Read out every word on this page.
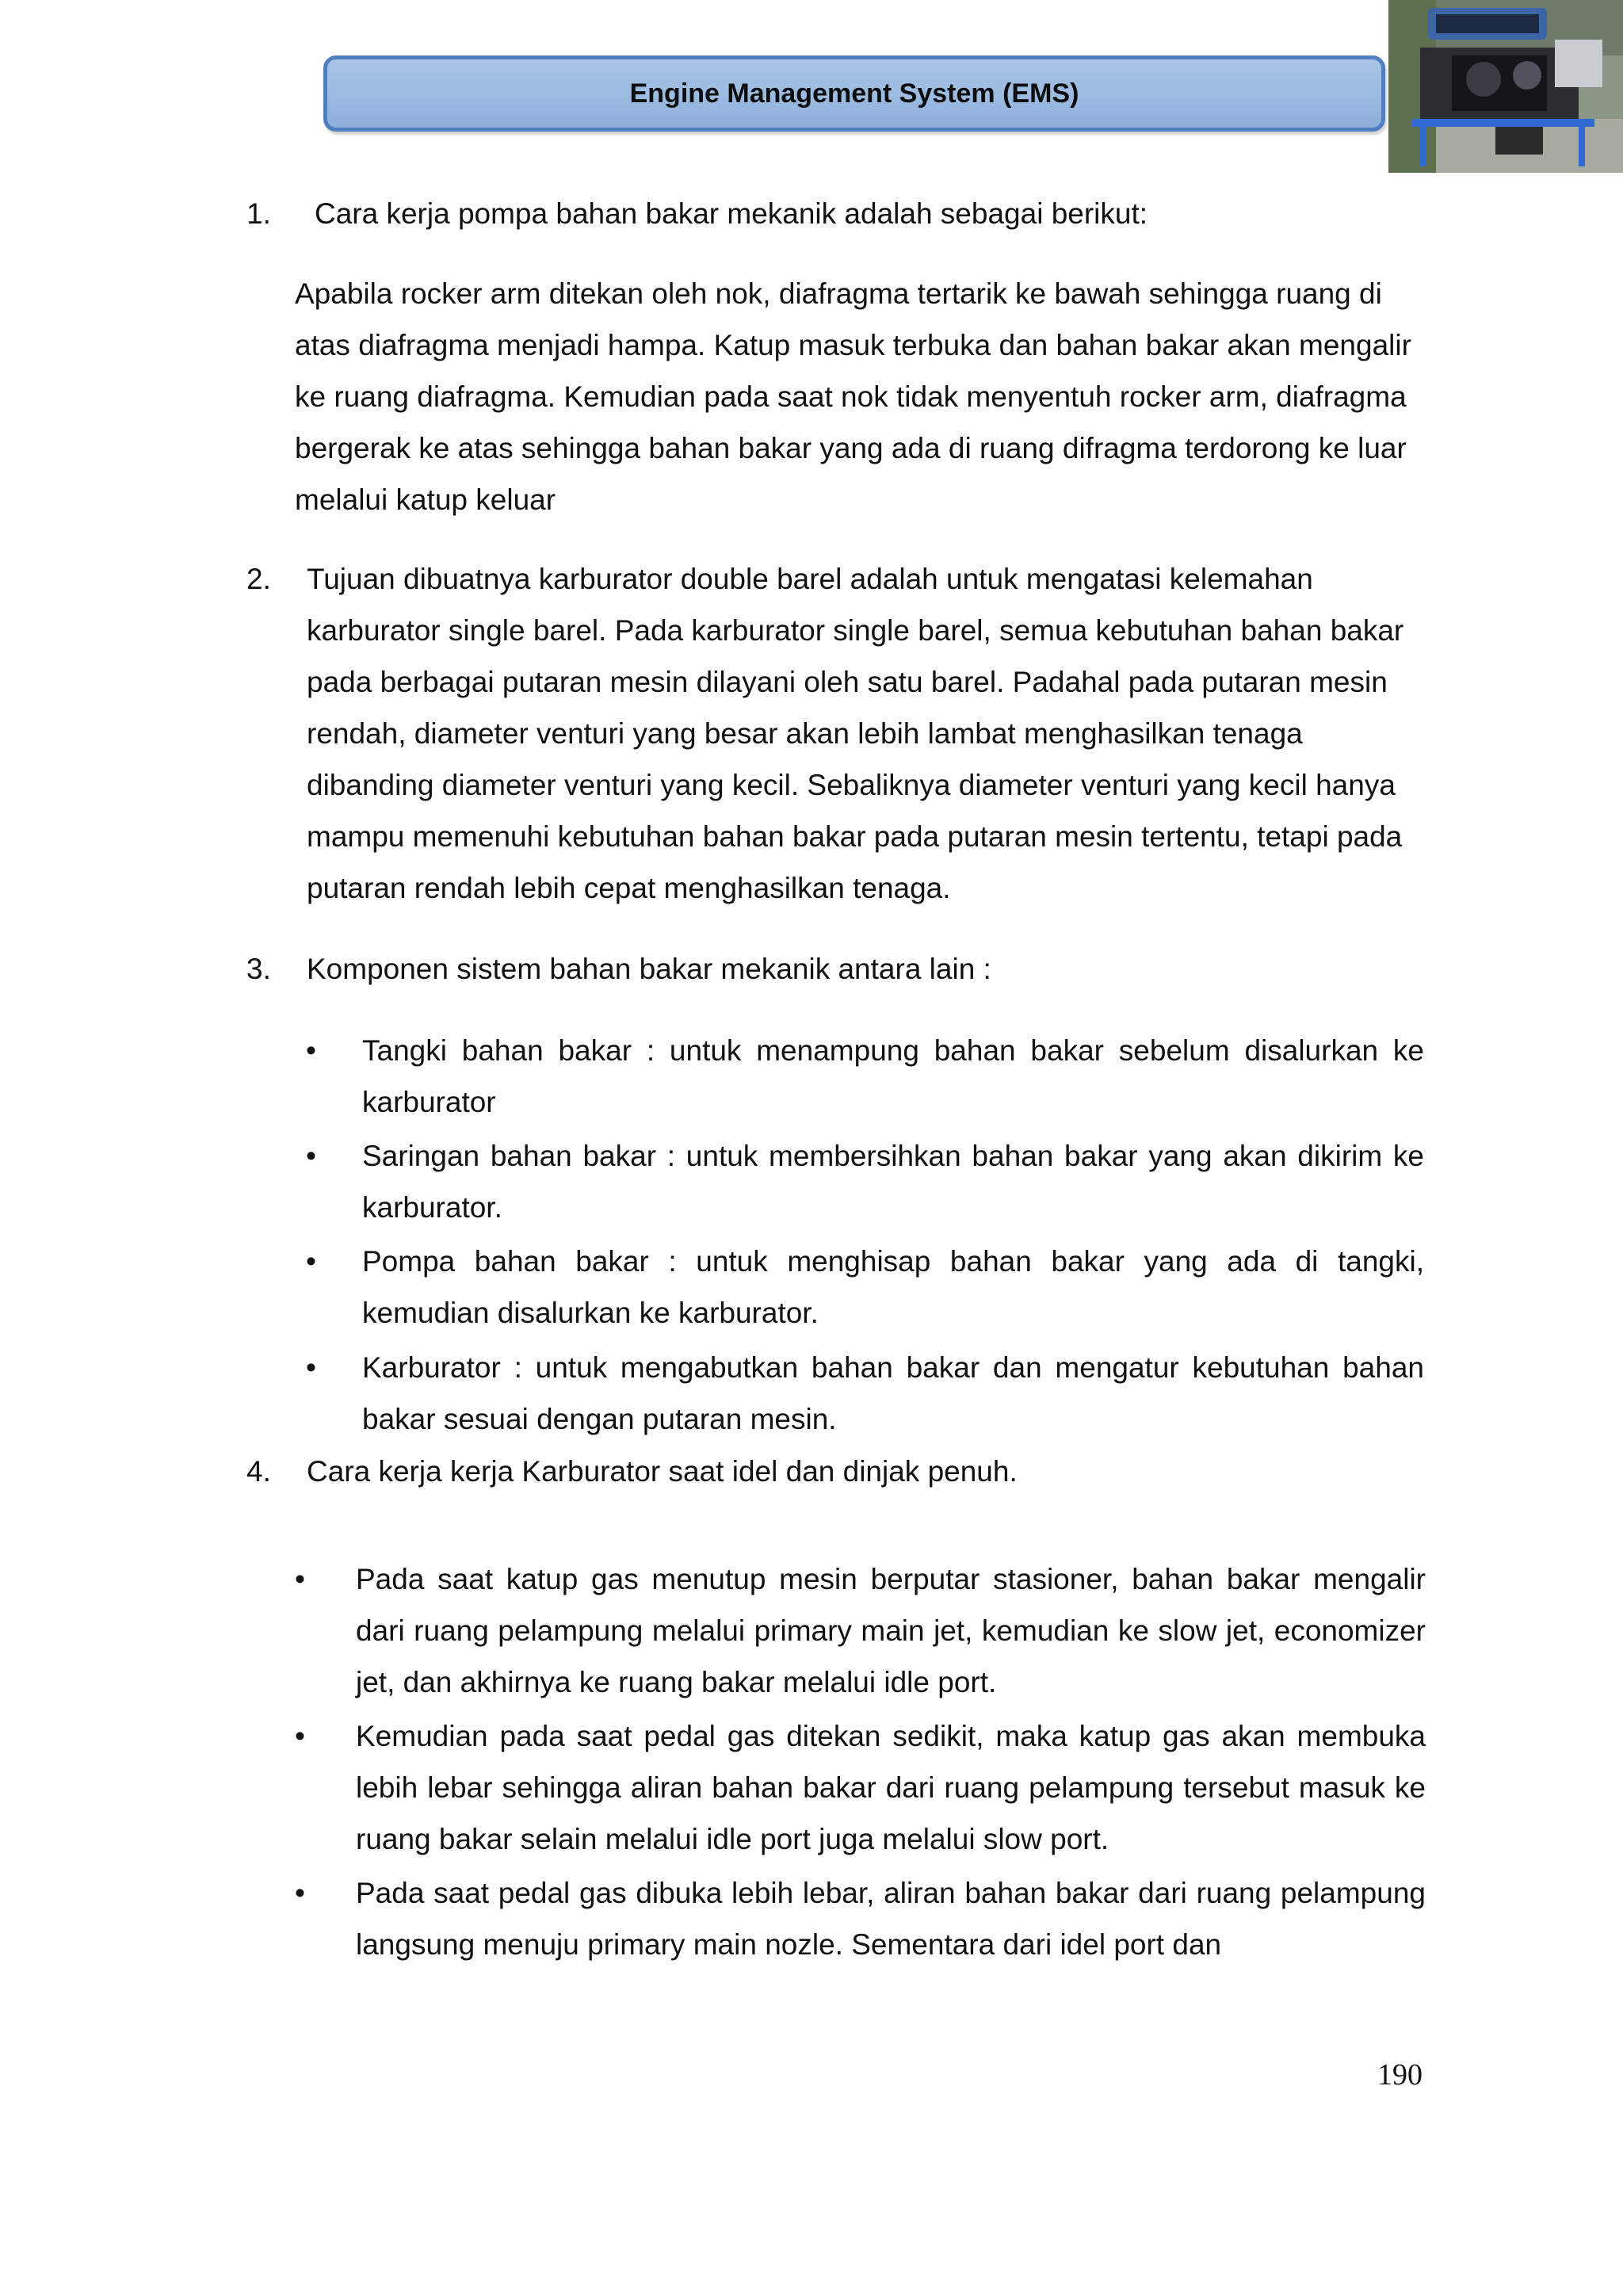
Engine Management System (EMS)
1. Cara kerja pompa bahan bakar mekanik adalah sebagai berikut:

Apabila rocker arm ditekan oleh nok, diafragma tertarik ke bawah sehingga ruang di atas diafragma menjadi hampa. Katup masuk terbuka dan bahan bakar akan mengalir ke ruang diafragma. Kemudian pada saat nok tidak menyentuh rocker arm, diafragma bergerak ke atas sehingga bahan bakar yang ada di ruang difragma terdorong ke luar melalui katup keluar

2. Tujuan dibuatnya karburator double barel adalah untuk mengatasi kelemahan karburator single barel. Pada karburator single barel, semua kebutuhan bahan bakar pada berbagai putaran mesin dilayani oleh satu barel. Padahal pada putaran mesin rendah, diameter venturi yang besar akan lebih lambat menghasilkan tenaga dibanding diameter venturi yang kecil. Sebaliknya diameter venturi yang kecil hanya mampu memenuhi kebutuhan bahan bakar pada putaran mesin tertentu, tetapi pada putaran rendah lebih cepat menghasilkan tenaga.

3. Komponen sistem bahan bakar mekanik antara lain :
• Tangki bahan bakar : untuk menampung bahan bakar sebelum disalurkan ke karburator
• Saringan bahan bakar : untuk membersihkan bahan bakar yang akan dikirim ke karburator.
• Pompa bahan bakar : untuk menghisap bahan bakar yang ada di tangki, kemudian disalurkan ke karburator.
• Karburator : untuk mengabutkan bahan bakar dan mengatur kebutuhan bahan bakar sesuai dengan putaran mesin.
4. Cara kerja kerja Karburator saat idel dan dinjak penuh.
• Pada saat katup gas menutup mesin berputar stasioner, bahan bakar mengalir dari ruang pelampung melalui primary main jet, kemudian ke slow jet, economizer jet, dan akhirnya ke ruang bakar melalui idle port.
• Kemudian pada saat pedal gas ditekan sedikit, maka katup gas akan membuka lebih lebar sehingga aliran bahan bakar dari ruang pelampung tersebut masuk ke ruang bakar selain melalui idle port juga melalui slow port.
• Pada saat pedal gas dibuka lebih lebar, aliran bahan bakar dari ruang pelampung langsung menuju primary main nozle. Sementara dari idel port dan
190
